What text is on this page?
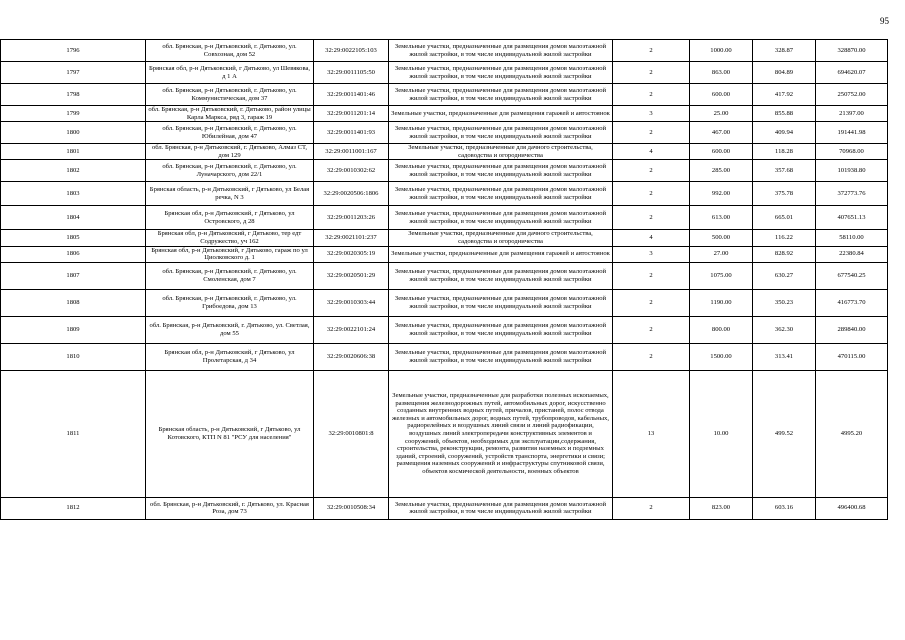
95
1796	обл. Брянская, р-н Дятьковский, г. Дятьково, ул. Совхозная, дом 52	32:29:0022105:103	Земельные участки, предназначенные для размещения домов малоэтажной жилой застройки, в том числе индивидуальной жилой застройки	2	1000.00	328.87	328870.00
1797	Брянская обл, р-н Дятьковский, г Дятьково, ул Шевякова, д 1 А	32:29:0011105:50	Земельные участки, предназначенные для размещения домов малоэтажной жилой застройки, в том числе индивидуальной жилой застройки	2	863.00	804.89	694620.07
1798	обл. Брянская, р-н Дятьковский, г. Дятьково, ул. Коммунистическая, дом 37	32:29:0011401:46	Земельные участки, предназначенные для размещения домов малоэтажной жилой застройки, в том числе индивидуальной жилой застройки	2	600.00	417.92	250752.00
1799	обл. Брянская, р-н Дятьковский, г. Дятьково, район улицы Карла Маркса, ряд 3, гараж 19	32:29:0011201:14	Земельные участки, предназначенные для размещения гаражей и автостоянок	3	25.00	855.88	21397.00
1800	обл. Брянская, р-н Дятьковский, г. Дятьково, ул. Юбилейная, дом 47	32:29:0011401:93	Земельные участки, предназначенные для размещения домов малоэтажной жилой застройки, в том числе индивидуальной жилой застройки	2	467.00	409.94	191441.98
1801	обл. Брянская, р-н Дятьковский, г. Дятьково, Алмаз СТ, дом 129	32:29:0011001:167	Земельные участки, предназначенные для дачного строительства, садоводства и огородничества	4	600.00	118.28	70968.00
1802	обл. Брянская, р-н Дятьковский, г. Дятьково, ул. Луначарского, дом 22/1	32:29:0010302:62	Земельные участки, предназначенные для размещения домов малоэтажной жилой застройки, в том числе индивидуальной жилой застройки	2	285.00	357.68	101938.80
1803	Брянская область, р-н Дятьковский, г Дятьково, ул Белая речка, N 3	32:29:0020506:1806	Земельные участки, предназначенные для размещения домов малоэтажной жилой застройки, в том числе индивидуальной жилой застройки	2	992.00	375.78	372773.76
1804	Брянская обл, р-н Дятьковский, г Дятьково, ул Островского, д 28	32:29:0011203:26	Земельные участки, предназначенные для размещения домов малоэтажной жилой застройки, в том числе индивидуальной жилой застройки	2	613.00	665.01	407651.13
1805	Брянская обл, р-н Дятьковский, г Дятьково, тер едт Содружество, уч 162	32:29:0021101:237	Земельные участки, предназначенные для дачного строительства, садоводства и огородничества	4	500.00	116.22	58110.00
1806	Брянская обл, р-н Дятьковский, г Дятьково, гараж по ул Циолковского д. 1	32:29:0020305:19	Земельные участки, предназначенные для размещения гаражей и автостоянок	3	27.00	828.92	22380.84
1807	обл. Брянская, р-н Дятьковский, г. Дятьково, ул. Смоленская, дом 7	32:29:0020501:29	Земельные участки, предназначенные для размещения домов малоэтажной жилой застройки, в том числе индивидуальной жилой застройки	2	1075.00	630.27	677540.25
1808	обл. Брянская, р-н Дятьковский, г. Дятьково, ул. Грибоедова, дом 13	32:29:0010303:44	Земельные участки, предназначенные для размещения домов малоэтажной жилой застройки, в том числе индивидуальной жилой застройки	2	1190.00	350.23	416773.70
1809	обл. Брянская, р-н Дятьковский, г. Дятьково, ул. Светлая, дом 55	32:29:0022101:24	Земельные участки, предназначенные для размещения домов малоэтажной жилой застройки, в том числе индивидуальной жилой застройки	2	800.00	362.30	289840.00
1810	Брянская обл, р-н Дятьковский, г Дятьково, ул Пролетарская, д 34	32:29:0020606:38	Земельные участки, предназначенные для размещения домов малоэтажной жилой застройки, в том числе индивидуальной жилой застройки	2	1500.00	313.41	470115.00
1811	Брянская область, р-н Дятьковский, г Дятьково, ул Котовского, КТП N 81 "РСУ для населения"	32:29:0010801:8	Земельные участки, предназначенные для разработки полезных ископаемых, размещения железнодорожных путей, автомобильных дорог, искусственно созданных внутренних водных путей, причалов, пристаней, полос отвода железных и автомобильных дорог, водных путей, трубопроводов, кабельных, радиорелейных и воздушных линий связи и линий радиофикации, воздушных линий электропередачи конструктивных элементов и сооружений, объектов, необходимых для эксплуатации,содержания, строительства, реконструкции, ремонта, развития наземных и подземных зданий, строений, сооружений, устройств транспорта, энергетики и связи; размещения наземных сооружений и инфраструктуры спутниковой связи, объектов космической деятельности, военных объектов	13	10.00	499.52	4995.20
1812	обл. Брянская, р-н Дятьковский, г. Дятьково, ул. Красная Роза, дом 73	32:29:0010508:34	Земельные участки, предназначенные для размещения домов малоэтажной жилой застройки, в том числе индивидуальной жилой застройки	2	823.00	603.16	496400.68
